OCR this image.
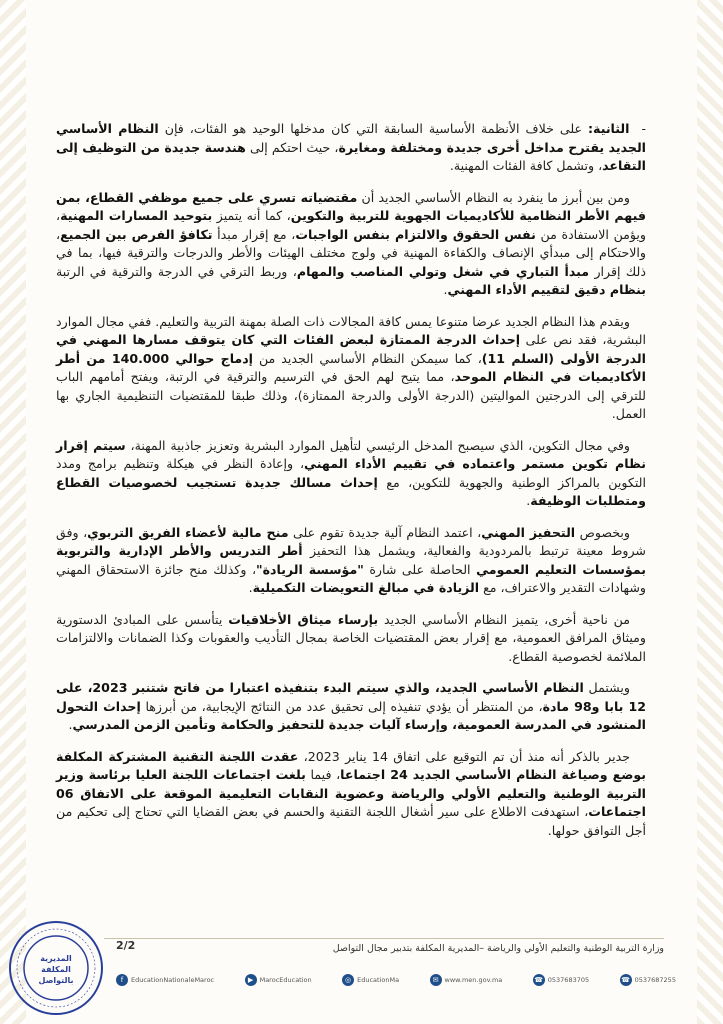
-  الثانية: على خلاف الأنظمة الأساسية السابقة التي كان مدخلها الوحيد هو الفئات، فإن النظام الأساسي الجديد يقترح مداخل أخرى جديدة ومختلفة ومغايرة، حيث احتكم إلى هندسة جديدة من التوظيف إلى التقاعد، وتشمل كافة الفئات المهنية.

ومن بين أبرز ما ينفرد به النظام الأساسي الجديد أن مقتضياته تسري على جميع موظفي القطاع، بمن فيهم الأطر النظامية للأكاديميات الجهوية للتربية والتكوين، كما أنه يتميز بتوحيد المسارات المهنية، ويؤمن الاستفادة من نفس الحقوق والالتزام بنفس الواجبات، مع إقرار مبدأ تكافؤ الفرص بين الجميع، والاحتكام إلى مبدأي الإنصاف والكفاءة المهنية في ولوج مختلف الهيئات والأطر والدرجات والترقية فيها، بما في ذلك إقرار مبدأ التباري في شغل وتولي المناصب والمهام، وربط الترقي في الدرجة والترقية في الرتبة بنظام دقيق لتقييم الأداء المهني.

ويقدم هذا النظام الجديد عرضا متنوعا يمس كافة المجالات ذات الصلة بمهنة التربية والتعليم. ففي مجال الموارد البشرية، فقد نص على إحداث الدرجة الممتازة لبعض الفئات التي كان يتوقف مسارها المهني في الدرجة الأولى (السلم 11)، كما سيمكن النظام الأساسي الجديد من إدماج حوالي 140.000 من أطر الأكاديميات في النظام الموحد، مما يتيح لهم الحق في الترسيم والترقية في الرتبة، ويفتح أمامهم الباب للترقي إلى الدرجتين المواليتين (الدرجة الأولى والدرجة الممتازة)، وذلك طبقا للمقتضيات التنظيمية الجاري بها العمل.

وفي مجال التكوين، الذي سيصبح المدخل الرئيسي لتأهيل الموارد البشرية وتعزيز جاذبية المهنة، سيتم إقرار نظام تكوين مستمر واعتماده في تقييم الأداء المهني، وإعادة النظر في هيكلة وتنظيم برامج ومدد التكوين بالمراكز الوطنية والجهوية للتكوين، مع إحداث مسالك جديدة تستجيب لخصوصيات القطاع ومتطلبات الوظيفة.

وبخصوص التحفيز المهني، اعتمد النظام آلية جديدة تقوم على منح مالية لأعضاء الفريق التربوي، وفق شروط معينة ترتبط بالمردودية والفعالية، ويشمل هذا التحفيز أطر التدريس والأطر الإدارية والتربوية بمؤسسات التعليم العمومي الحاصلة على شارة "مؤسسة الريادة"، وكذلك منح جائزة الاستحقاق المهني وشهادات التقدير والاعتراف، مع الزيادة في مبالغ التعويضات التكميلية.

من ناحية أخرى، يتميز النظام الأساسي الجديد بإرساء ميثاق الأخلاقيات يتأسس على المبادئ الدستورية وميثاق المرافق العمومية، مع إقرار بعض المقتضيات الخاصة بمجال التأديب والعقوبات وكذا الضمانات والالتزامات الملائمة لخصوصية القطاع.

ويشتمل النظام الأساسي الجديد، والذي سيتم البدء بتنفيذه اعتبارا من فاتح شتنبر 2023، على 12 بابا و98 مادة، من المنتظر أن يؤدي تنفيذه إلى تحقيق عدد من النتائج الإيجابية، من أبرزها إحداث التحول المنشود في المدرسة العمومية، وإرساء آليات جديدة للتحفيز والحكامة وتأمين الزمن المدرسي.

جدير بالذكر أنه منذ أن تم التوقيع على اتفاق 14 يناير 2023، عقدت اللجنة التقنية المشتركة المكلفة بوضع وصياغة النظام الأساسي الجديد 24 اجتماعا، فيما بلغت اجتماعات اللجنة العليا برئاسة وزير التربية الوطنية والتعليم الأولي والرياضة وعضوية النقابات التعليمية الموقعة على الاتفاق 06 اجتماعات، استهدفت الاطلاع على سير أشغال اللجنة التقنية والحسم في بعض القضايا التي تحتاج إلى تحكيم من أجل التوافق حولها.

وزارة التربية الوطنية والتعليم الأولي والرياضة –المديرية المكلفة بتدبير مجال التواصل
2/2
f	EducationNationaleMaroc	▶ MarocEducation	◎ EducationMa	✉ www.men.gov.ma	☎ 0537683705	☎ 0537687255
المديرية
المكلفة
بالتواصل
